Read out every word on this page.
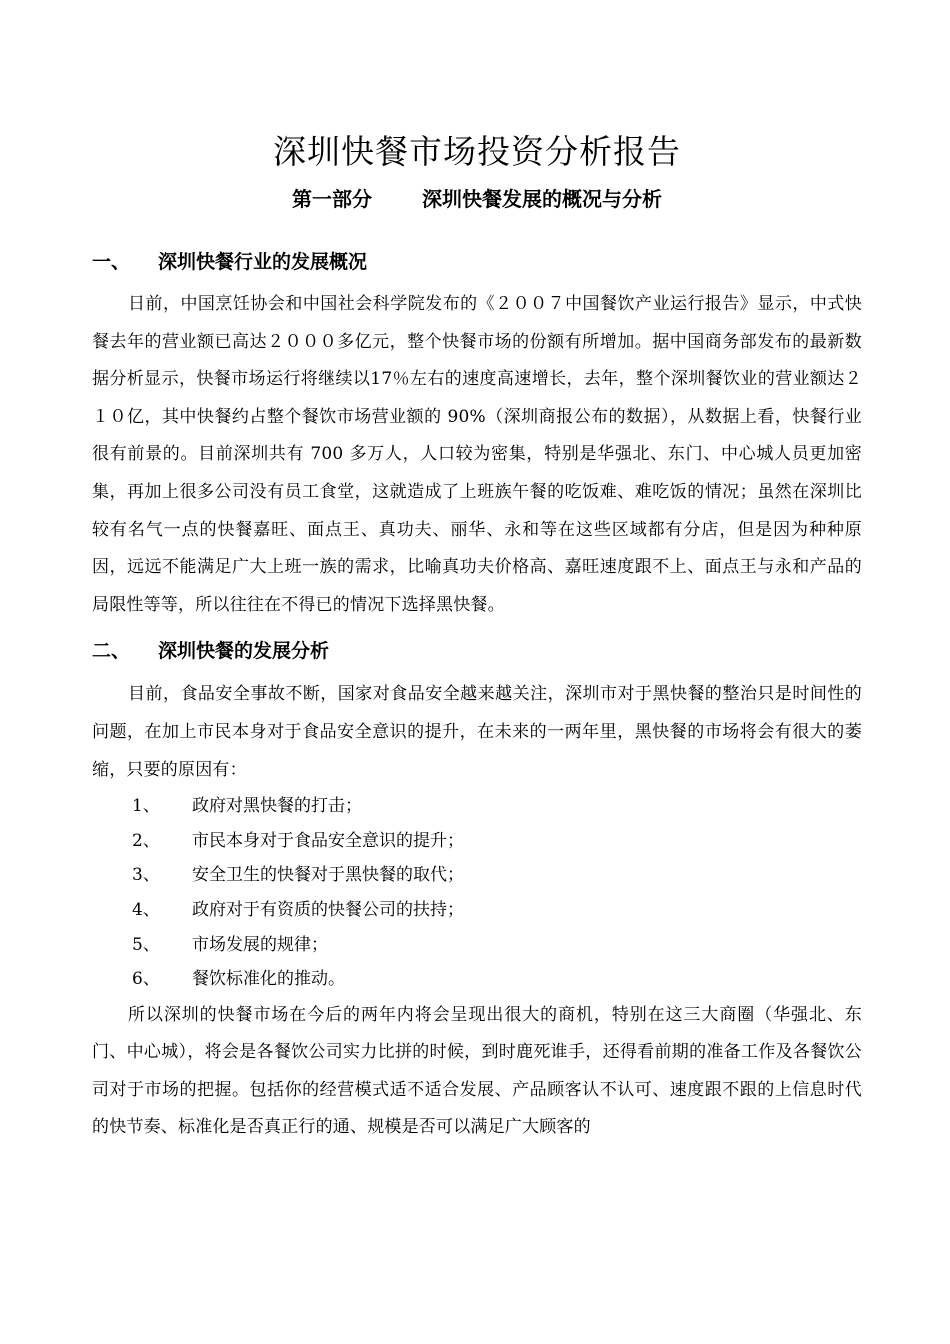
深圳快餐市场投资分析报告
第一部分	深圳快餐发展的概况与分析
一、	深圳快餐行业的发展概况

日前，中国烹饪协会和中国社会科学院发布的《２００７中国餐饮产业运行报告》显示，中式快餐去年的营业额已高达２０００多亿元，整个快餐市场的份额有所增加。据中国商务部发布的最新数据分析显示，快餐市场运行将继续以17％左右的速度高速增长，去年，整个深圳餐饮业的营业额达２１０亿，其中快餐约占整个餐饮市场营业额的 90%（深圳商报公布的数据），从数据上看，快餐行业很有前景的。目前深圳共有 700 多万人，人口较为密集，特别是华强北、东门、中心城人员更加密集，再加上很多公司没有员工食堂，这就造成了上班族午餐的吃饭难、难吃饭的情况；虽然在深圳比较有名气一点的快餐嘉旺、面点王、真功夫、丽华、永和等在这些区域都有分店，但是因为种种原因，远远不能满足广大上班一族的需求，比喻真功夫价格高、嘉旺速度跟不上、面点王与永和产品的局限性等等，所以往往在不得已的情况下选择黑快餐。

二、	深圳快餐的发展分析

目前，食品安全事故不断，国家对食品安全越来越关注，深圳市对于黑快餐的整治只是时间性的问题，在加上市民本身对于食品安全意识的提升，在未来的一两年里，黑快餐的市场将会有很大的萎缩，只要的原因有：

1、	政府对黑快餐的打击；
2、	市民本身对于食品安全意识的提升；
3、	安全卫生的快餐对于黑快餐的取代；
4、	政府对于有资质的快餐公司的扶持；
5、	市场发展的规律；
6、	餐饮标准化的推动。

所以深圳的快餐市场在今后的两年内将会呈现出很大的商机，特别在这三大商圈（华强北、东门、中心城），将会是各餐饮公司实力比拼的时候，到时鹿死谁手，还得看前期的准备工作及各餐饮公司对于市场的把握。包括你的经营模式适不适合发展、产品顾客认不认可、速度跟不跟的上信息时代的快节奏、标准化是否真正行的通、规模是否可以满足广大顾客的
